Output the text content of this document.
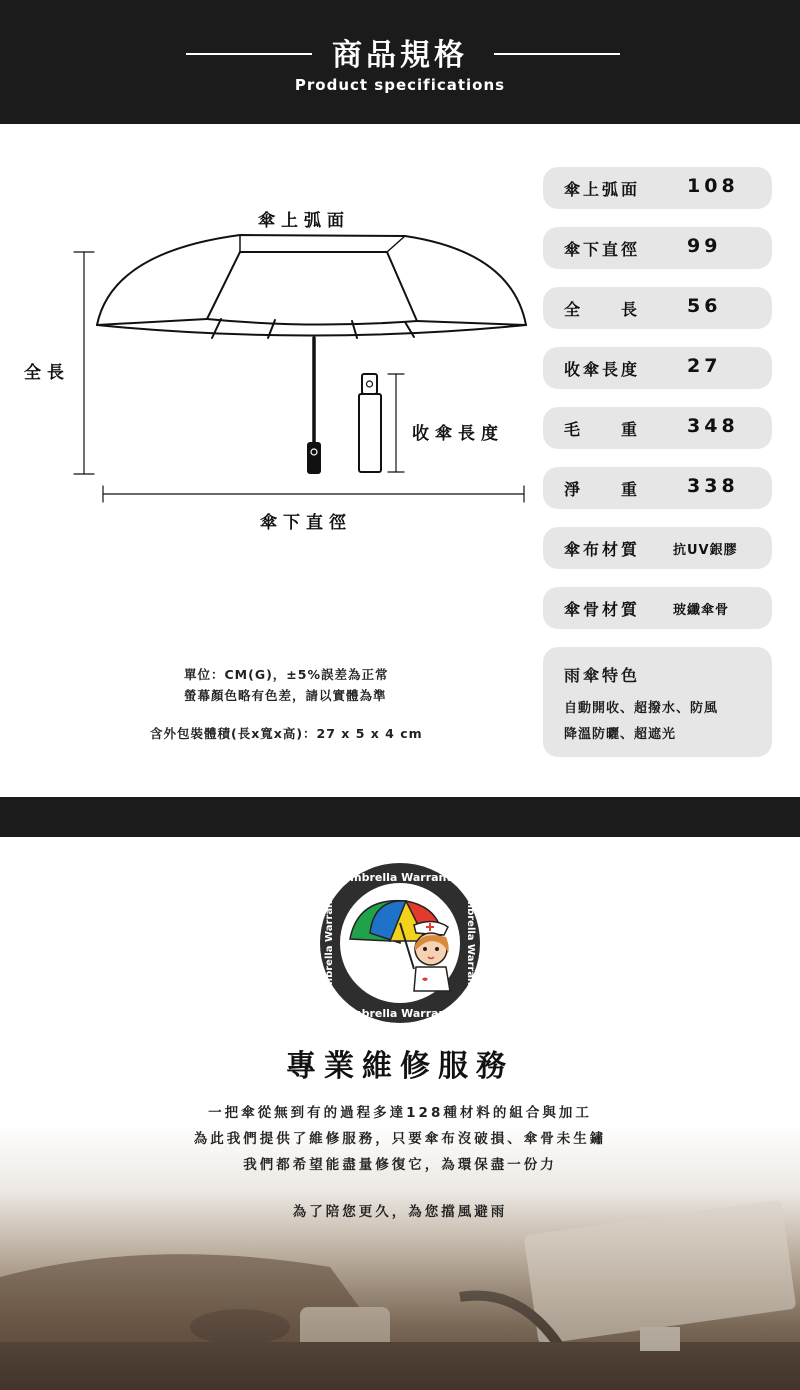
商品規格
Product specifications
傘上弧面
全長
收傘長度
傘下直徑
傘上弧面 108
傘下直徑 99
全　　長 56
收傘長度 27
毛　　重 348
淨　　重 338
傘布材質	抗UV銀膠
傘骨材質	玻纖傘骨
雨傘特色
自動開收、超撥水、防風
降溫防曬、超遮光
單位：CM(G)，±5%誤差為正常
螢幕顏色略有色差，請以實體為準
含外包裝體積(長x寬x高)：27 x 5 x 4 cm
Umbrella Warranty
Umbrella Warranty
Umbrella Warranty
Umbrella Warranty
專業維修服務
一把傘從無到有的過程多達128種材料的組合與加工
為此我們提供了維修服務，只要傘布沒破損、傘骨未生鏽
我們都希望能盡量修復它，為環保盡一份力
為了陪您更久，為您擋風避雨
